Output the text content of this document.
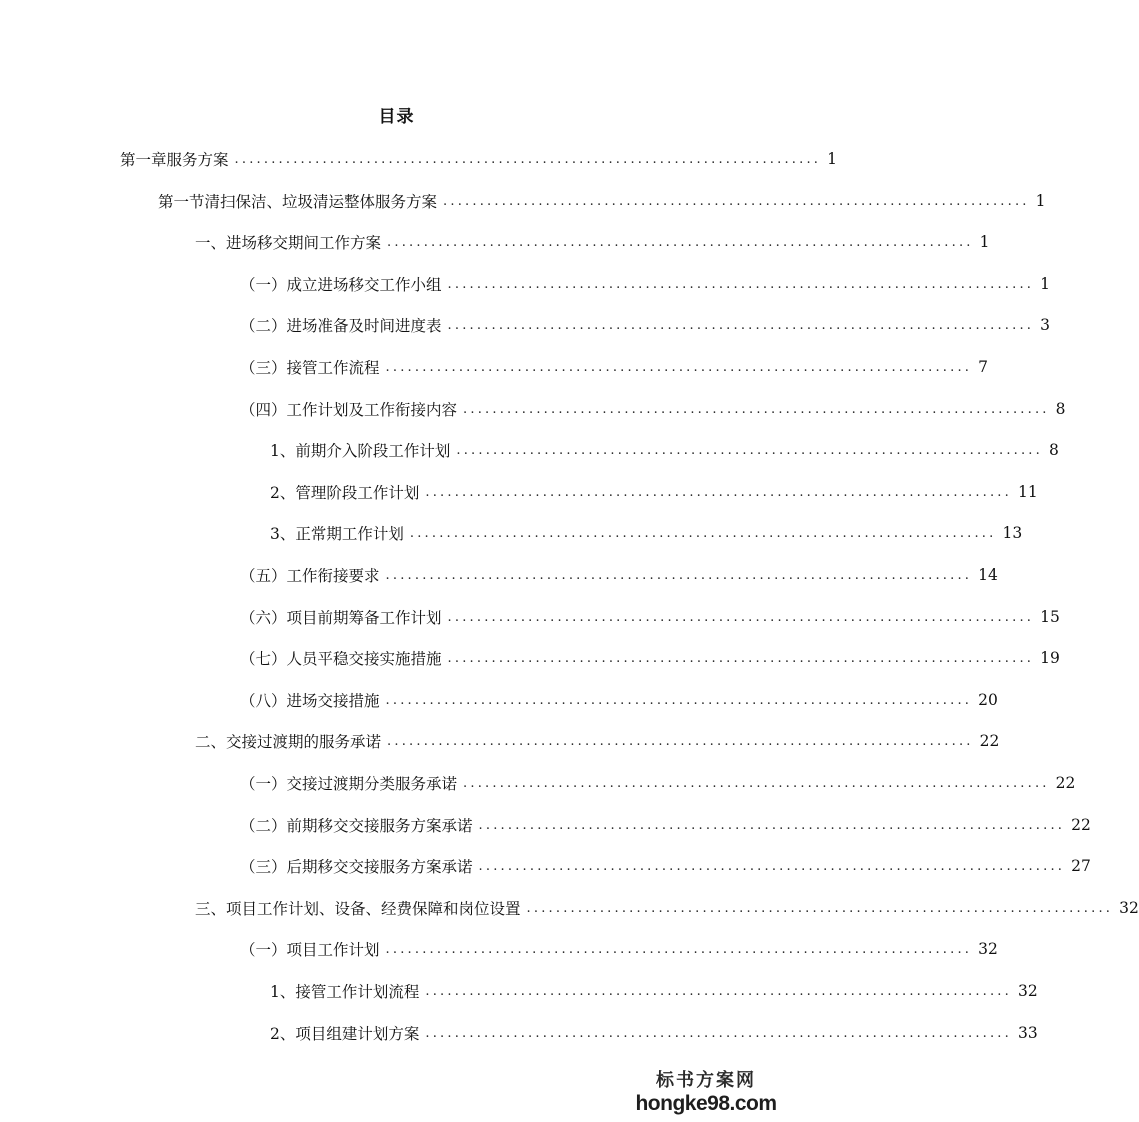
目录
第一章 服务方案 ................................................................................ 1
第一节 清扫保洁、垃圾清运整体服务方案 ................................................................................ 1
一、 进场移交期间工作方案 ................................................................................ 1
（一） 成立进场移交工作小组 ................................................................................ 1
（二） 进场准备及时间进度表 ................................................................................ 3
（三） 接管工作流程 ................................................................................ 7
（四） 工作计划及工作衔接内容 ................................................................................ 8
1、 前期介入阶段工作计划 ................................................................................ 8
2、 管理阶段工作计划 ................................................................................ 11
3、 正常期工作计划 ................................................................................ 13
（五） 工作衔接要求 ................................................................................ 14
（六） 项目前期筹备工作计划 ................................................................................ 15
（七） 人员平稳交接实施措施 ................................................................................ 19
（八） 进场交接措施 ................................................................................ 20
二、 交接过渡期的服务承诺 ................................................................................ 22
（一） 交接过渡期分类服务承诺 ................................................................................ 22
（二） 前期移交交接服务方案承诺 ................................................................................ 22
（三） 后期移交交接服务方案承诺 ................................................................................ 27
三、 项目工作计划、设备、经费保障和岗位设置 ................................................................................ 32
（一） 项目工作计划 ................................................................................ 32
1、 接管工作计划流程 ................................................................................ 32
2、 项目组建计划方案 ................................................................................ 33
标书方案网
hongke98.com
